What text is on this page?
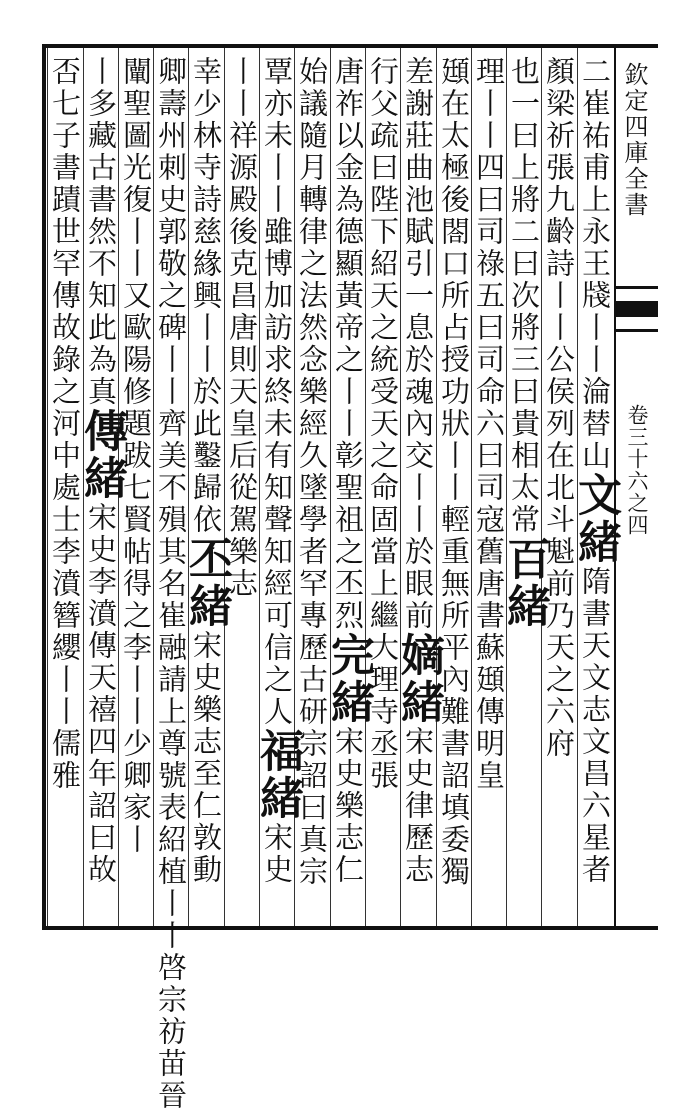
欽定四庫全書
卷三十六之四
二崔祐甫上永王牋丨丨淪替山文緒隋書天文志文昌六星者
顏梁祈張九齡詩丨丨公侯列在北斗魁前乃天之六府
也一曰上將二曰次將三曰貴相太常百緒
理丨丨四曰司祿五曰司命六曰司寇舊唐書蘇頲傳明皇
頲在太極後閤口所占授功狀丨丨輕重無所平內難書詔填委獨
差謝莊曲池賦引一息於魂內交丨丨於眼前嫡緒宋史律歷志
行父疏曰陛下紹天之統受天之命固當上繼大理寺丞張
唐祚以金為德顯黃帝之丨丨彰聖祖之丕烈完緒宋史樂志仁
始議隨月轉律之法然念樂經久墜學者罕專歷古研宗詔曰真宗
覃亦未丨丨雖博加訪求終未有知聲知經可信之人福緒宋史
丨丨祥源殿後克昌唐則天皇后從駕樂志
幸少林寺詩慈緣興丨丨於此鑿歸依丕緒宋史樂志至仁敦動
卿壽州刺史郭敬之碑丨丨齊美不殞其名崔融請上尊號表紹植丨丨啓宗祊苗晉
闡聖圖光復丨丨又歐陽修題跋七賢帖得之李丨丨少卿家丨
丨多藏古書然不知此為真傳緒宋史李濆傳天禧四年詔曰故
否七子書蹟世罕傳故錄之河中處士李濆簪纓丨丨儒雅
